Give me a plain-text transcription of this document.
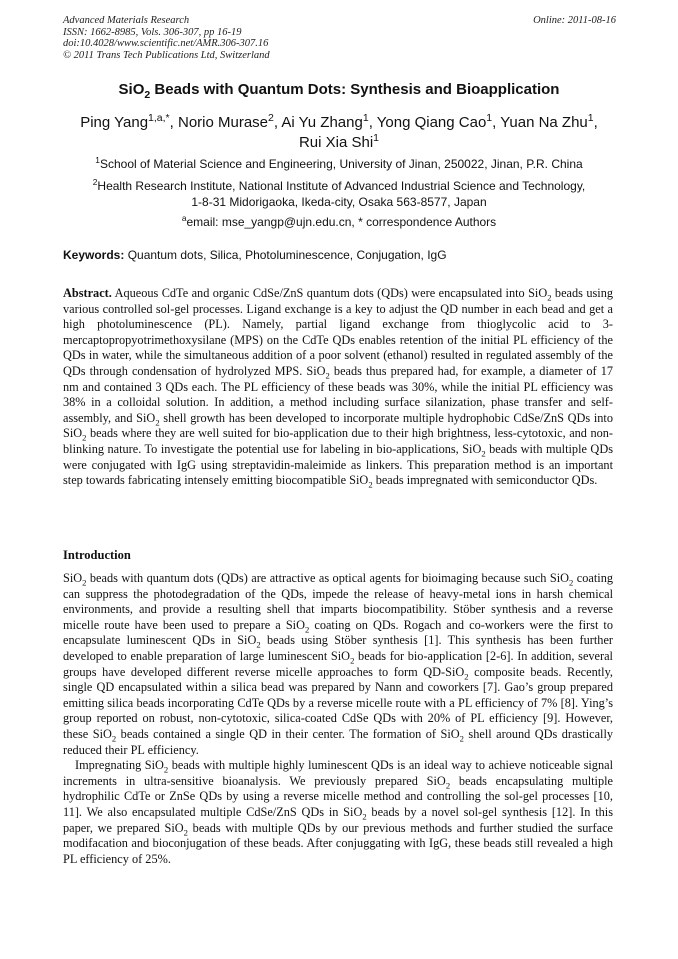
Advanced Materials Research
ISSN: 1662-8985, Vols. 306-307, pp 16-19
doi:10.4028/www.scientific.net/AMR.306-307.16
© 2011 Trans Tech Publications Ltd, Switzerland
Online: 2011-08-16
SiO$_2$ Beads with Quantum Dots: Synthesis and Bioapplication
Ping Yang$^{1,a,*}$, Norio Murase$^2$, Ai Yu Zhang$^1$, Yong Qiang Cao$^1$, Yuan Na Zhu$^1$,
Rui Xia Shi$^1$
$^1$School of Material Science and Engineering, University of Jinan, 250022, Jinan, P.R. China
$^2$Health Research Institute, National Institute of Advanced Industrial Science and Technology,
1-8-31 Midorigaoka, Ikeda-city, Osaka 563-8577, Japan
$^a$email: mse_yangp@ujn.edu.cn, * correspondence Authors
Keywords: Quantum dots, Silica, Photoluminescence, Conjugation, IgG
Abstract. Aqueous CdTe and organic CdSe/ZnS quantum dots (QDs) were encapsulated into SiO$_2$ beads using various controlled sol-gel processes. Ligand exchange is a key to adjust the QD number in each bead and get a high photoluminescence (PL). Namely, partial ligand exchange from thioglycolic acid to 3-mercaptopropyotrimethoxysilane (MPS) on the CdTe QDs enables retention of the initial PL efficiency of the QDs in water, while the simultaneous addition of a poor solvent (ethanol) resulted in regulated assembly of the QDs through condensation of hydrolyzed MPS. SiO$_2$ beads thus prepared had, for example, a diameter of 17 nm and contained 3 QDs each. The PL efficiency of these beads was 30%, while the initial PL efficiency was 38% in a colloidal solution. In addition, a method including surface silanization, phase transfer and self-assembly, and SiO$_2$ shell growth has been developed to incorporate multiple hydrophobic CdSe/ZnS QDs into SiO$_2$ beads where they are well suited for bio-application due to their high brightness, less-cytotoxic, and non-blinking nature. To investigate the potential use for labeling in bio-applications, SiO$_2$ beads with multiple QDs were conjugated with IgG using streptavidin-maleimide as linkers. This preparation method is an important step towards fabricating intensely emitting biocompatible SiO$_2$ beads impregnated with semiconductor QDs.
Introduction

SiO$_2$ beads with quantum dots (QDs) are attractive as optical agents for bioimaging because such SiO$_2$ coating can suppress the photodegradation of the QDs, impede the release of heavy-metal ions in harsh chemical environments, and provide a resulting shell that imparts biocompatibility. Stöber synthesis and a reverse micelle route have been used to prepare a SiO$_2$ coating on QDs. Rogach and co-workers were the first to encapsulate luminescent QDs in SiO$_2$ beads using Stöber synthesis [1]. This synthesis has been further developed to enable preparation of large luminescent SiO$_2$ beads for bio-application [2-6]. In addition, several groups have developed different reverse micelle approaches to form QD-SiO$_2$ composite beads. Recently, single QD encapsulated within a silica bead was prepared by Nann and coworkers [7]. Gao’s group prepared emitting silica beads incorporating CdTe QDs by a reverse micelle route with a PL efficiency of 7% [8]. Ying’s group reported on robust, non-cytotoxic, silica-coated CdSe QDs with 20% of PL efficiency [9]. However, these SiO$_2$ beads contained a single QD in their center. The formation of SiO$_2$ shell around QDs drastically reduced their PL efficiency.

Impregnating SiO$_2$ beads with multiple highly luminescent QDs is an ideal way to achieve noticeable signal increments in ultra-sensitive bioanalysis. We previously prepared SiO$_2$ beads encapsulating multiple hydrophilic CdTe or ZnSe QDs by using a reverse micelle method and controlling the sol-gel processes [10, 11]. We also encapsulated multiple CdSe/ZnS QDs in SiO$_2$ beads by a novel sol-gel synthesis [12]. In this paper, we prepared SiO$_2$ beads with multiple QDs by our previous methods and further studied the surface modifacation and bioconjugation of these beads. After conjuggating with IgG, these beads still revealed a high PL efficiency of 25%.
